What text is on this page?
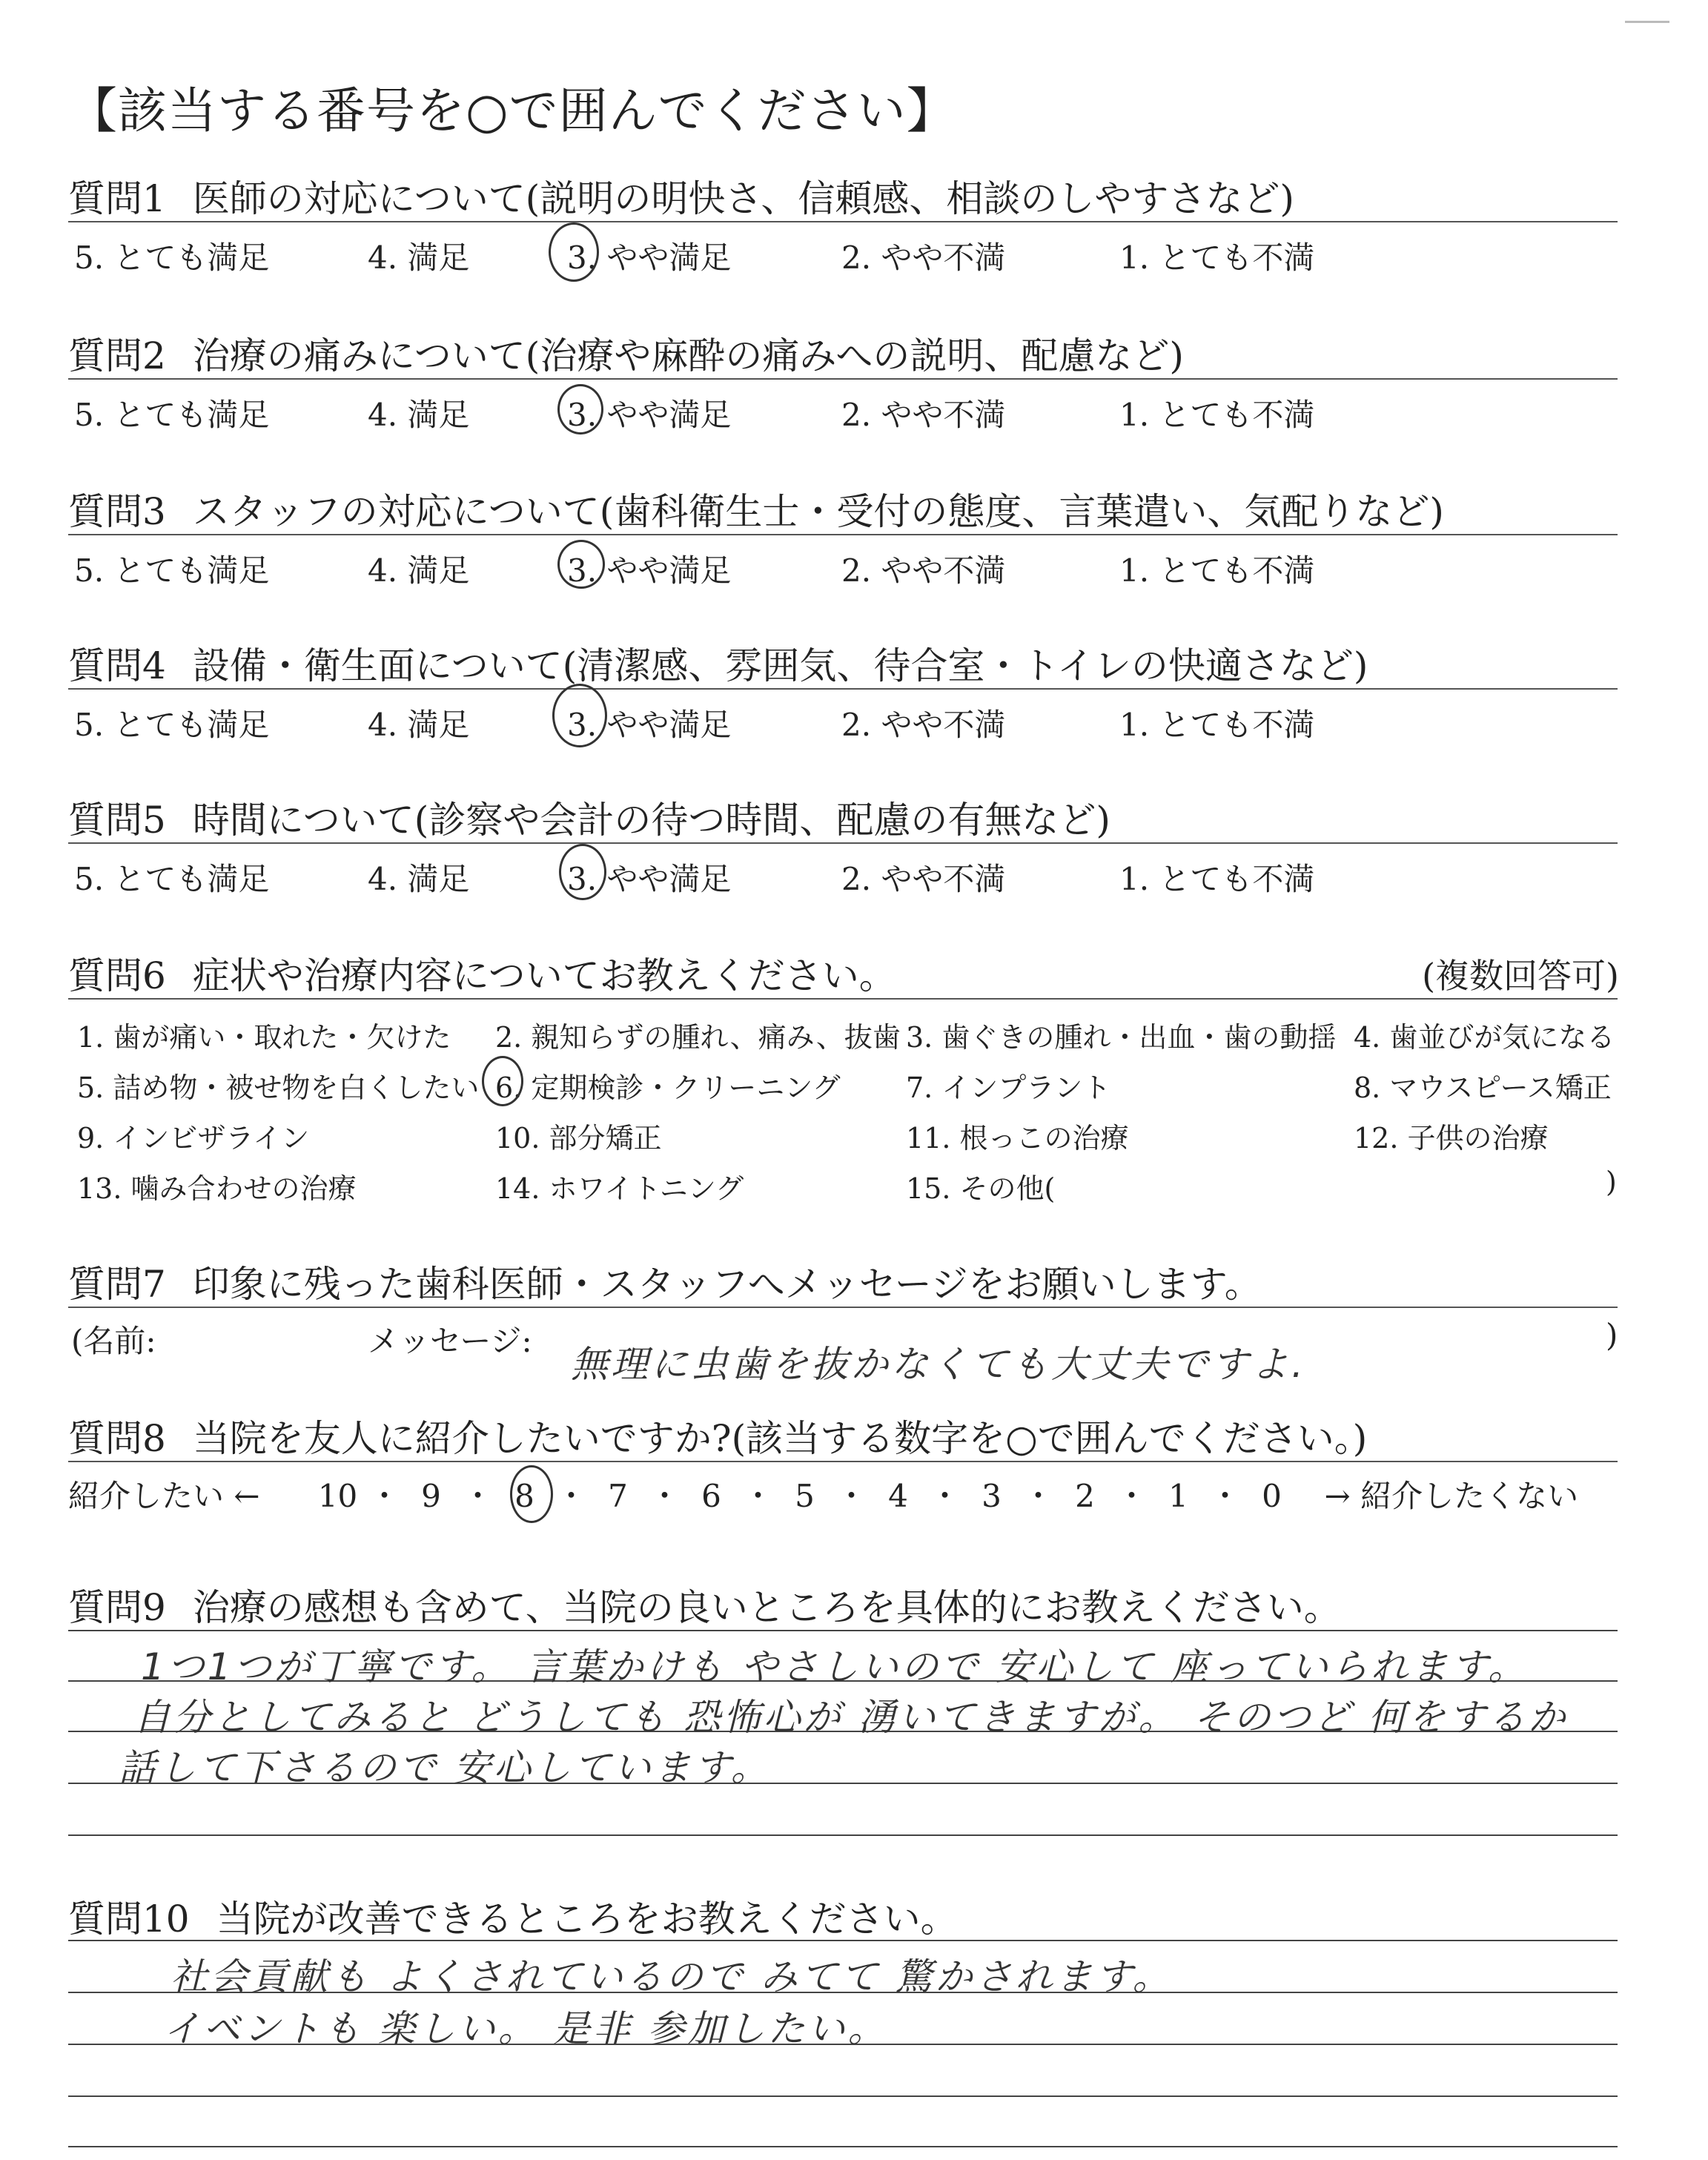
【該当する番号を○で囲んでください】
質問1 医師の対応について(説明の明快さ、信頼感、相談のしやすさなど)
5. とても満足	4. 満足	3. やや満足	2. やや不満	1. とても不満
質問2 治療の痛みについて(治療や麻酔の痛みへの説明、配慮など)
5. とても満足	4. 満足	3. やや満足	2. やや不満	1. とても不満
質問3 スタッフの対応について(歯科衛生士・受付の態度、言葉遣い、気配りなど)
5. とても満足	4. 満足	3. やや満足	2. やや不満	1. とても不満
質問4 設備・衛生面について(清潔感、雰囲気、待合室・トイレの快適さなど)
5. とても満足	4. 満足	3. やや満足	2. やや不満	1. とても不満
質問5 時間について(診察や会計の待つ時間、配慮の有無など)
5. とても満足	4. 満足	3. やや満足	2. やや不満	1. とても不満
質問6 症状や治療内容についてお教えください。	(複数回答可)
1. 歯が痛い・取れた・欠けた 2. 親知らずの腫れ、痛み、抜歯 3. 歯ぐきの腫れ・出血・歯の動揺 4. 歯並びが気になる
5. 詰め物・被せ物を白くしたい 6. 定期検診・クリーニング 7. インプラント	8. マウスピース矯正
9. インビザライン	10. 部分矯正	11. 根っこの治療	12. 子供の治療
13. 噛み合わせの治療	14. ホワイトニング	15. その他(	)
質問7 印象に残った歯科医師・スタッフへメッセージをお願いします。
(名前:	メッセージ:
無理に虫歯を抜かなくても大丈夫ですよ.
)
質問8 当院を友人に紹介したいですか?(該当する数字を○で囲んでください。)
紹介したい ← 10 ・ 9 ・ 8 ・ 7 ・ 6 ・ 5 ・ 4 ・ 3 ・ 2 ・ 1 ・ 0 → 紹介したくない
質問9 治療の感想も含めて、当院の良いところを具体的にお教えください。
1つ1つが丁寧です。 言葉かけも やさしいので 安心して 座っていられます。
自分としてみると どうしても 恐怖心が 湧いてきますが。 そのつど 何をするか
話して下さるので 安心しています。
質問10 当院が改善できるところをお教えください。
社会貢献も よくされているので みてて 驚かされます。
イベントも 楽しい。 是非 参加したい。
